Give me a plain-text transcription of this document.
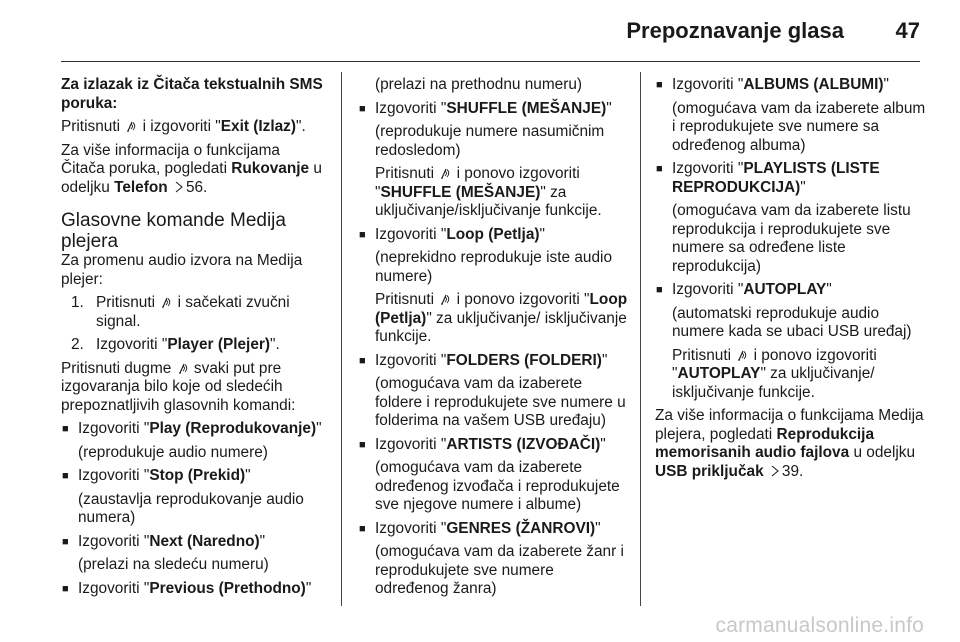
Prepoznavanje glasa 47

Za izlazak iz Čitača tekstualnih SMS poruka:

Pritisnuti i izgovoriti "Exit (Izlaz)".

Za više informacija o funkcijama Čitača poruka, pogledati Rukovanje u odeljku Telefon 56.

Glasovne komande Medija plejera

Za promenu audio izvora na Medija plejer:

1. Pritisnuti i sačekati zvučni signal.
2. Izgovoriti "Player (Plejer)".

Pritisnuti dugme svaki put pre izgovaranja bilo koje od sledećih prepoznatljivih glasovnih komandi:

■ Izgovoriti "Play (Reprodukovanje)"

(reprodukuje audio numere)

■ Izgovoriti "Stop (Prekid)"

(zaustavlja reprodukovanje audio numera)

■ Izgovoriti "Next (Naredno)"

(prelazi na sledeću numeru)

■ Izgovoriti "Previous (Prethodno)"

(prelazi na prethodnu numeru)

■ Izgovoriti "SHUFFLE (MEŠANJE)"

(reprodukuje numere nasumičnim redosledom)

Pritisnuti i ponovo izgovoriti "SHUFFLE (MEŠANJE)" za uključivanje/isključivanje funkcije.

■ Izgovoriti "Loop (Petlja)"

(neprekidno reprodukuje iste audio numere)

Pritisnuti i ponovo izgovoriti "Loop (Petlja)" za uključivanje/ isključivanje funkcije.

■ Izgovoriti "FOLDERS (FOLDERI)"

(omogućava vam da izaberete foldere i reprodukujete sve numere u folderima na vašem USB uređaju)

■ Izgovoriti "ARTISTS (IZVOĐAČI)"

(omogućava vam da izaberete određenog izvođača i reprodukujete sve njegove numere i albume)

■ Izgovoriti "GENRES (ŽANROVI)"

(omogućava vam da izaberete žanr i reprodukujete sve numere određenog žanra)

■ Izgovoriti "ALBUMS (ALBUMI)"

(omogućava vam da izaberete album i reprodukujete sve numere sa određenog albuma)

■ Izgovoriti "PLAYLISTS (LISTE REPRODUKCIJA)"

(omogućava vam da izaberete listu reprodukcija i reprodukujete sve numere sa određene liste reprodukcija)

■ Izgovoriti "AUTOPLAY"

(automatski reprodukuje audio numere kada se ubaci USB uređaj)

Pritisnuti i ponovo izgovoriti "AUTOPLAY" za uključivanje/ isključivanje funkcije.

Za više informacija o funkcijama Medija plejera, pogledati Reprodukcija memorisanih audio fajlova u odeljku USB priključak 39.

carmanualsonline.info
